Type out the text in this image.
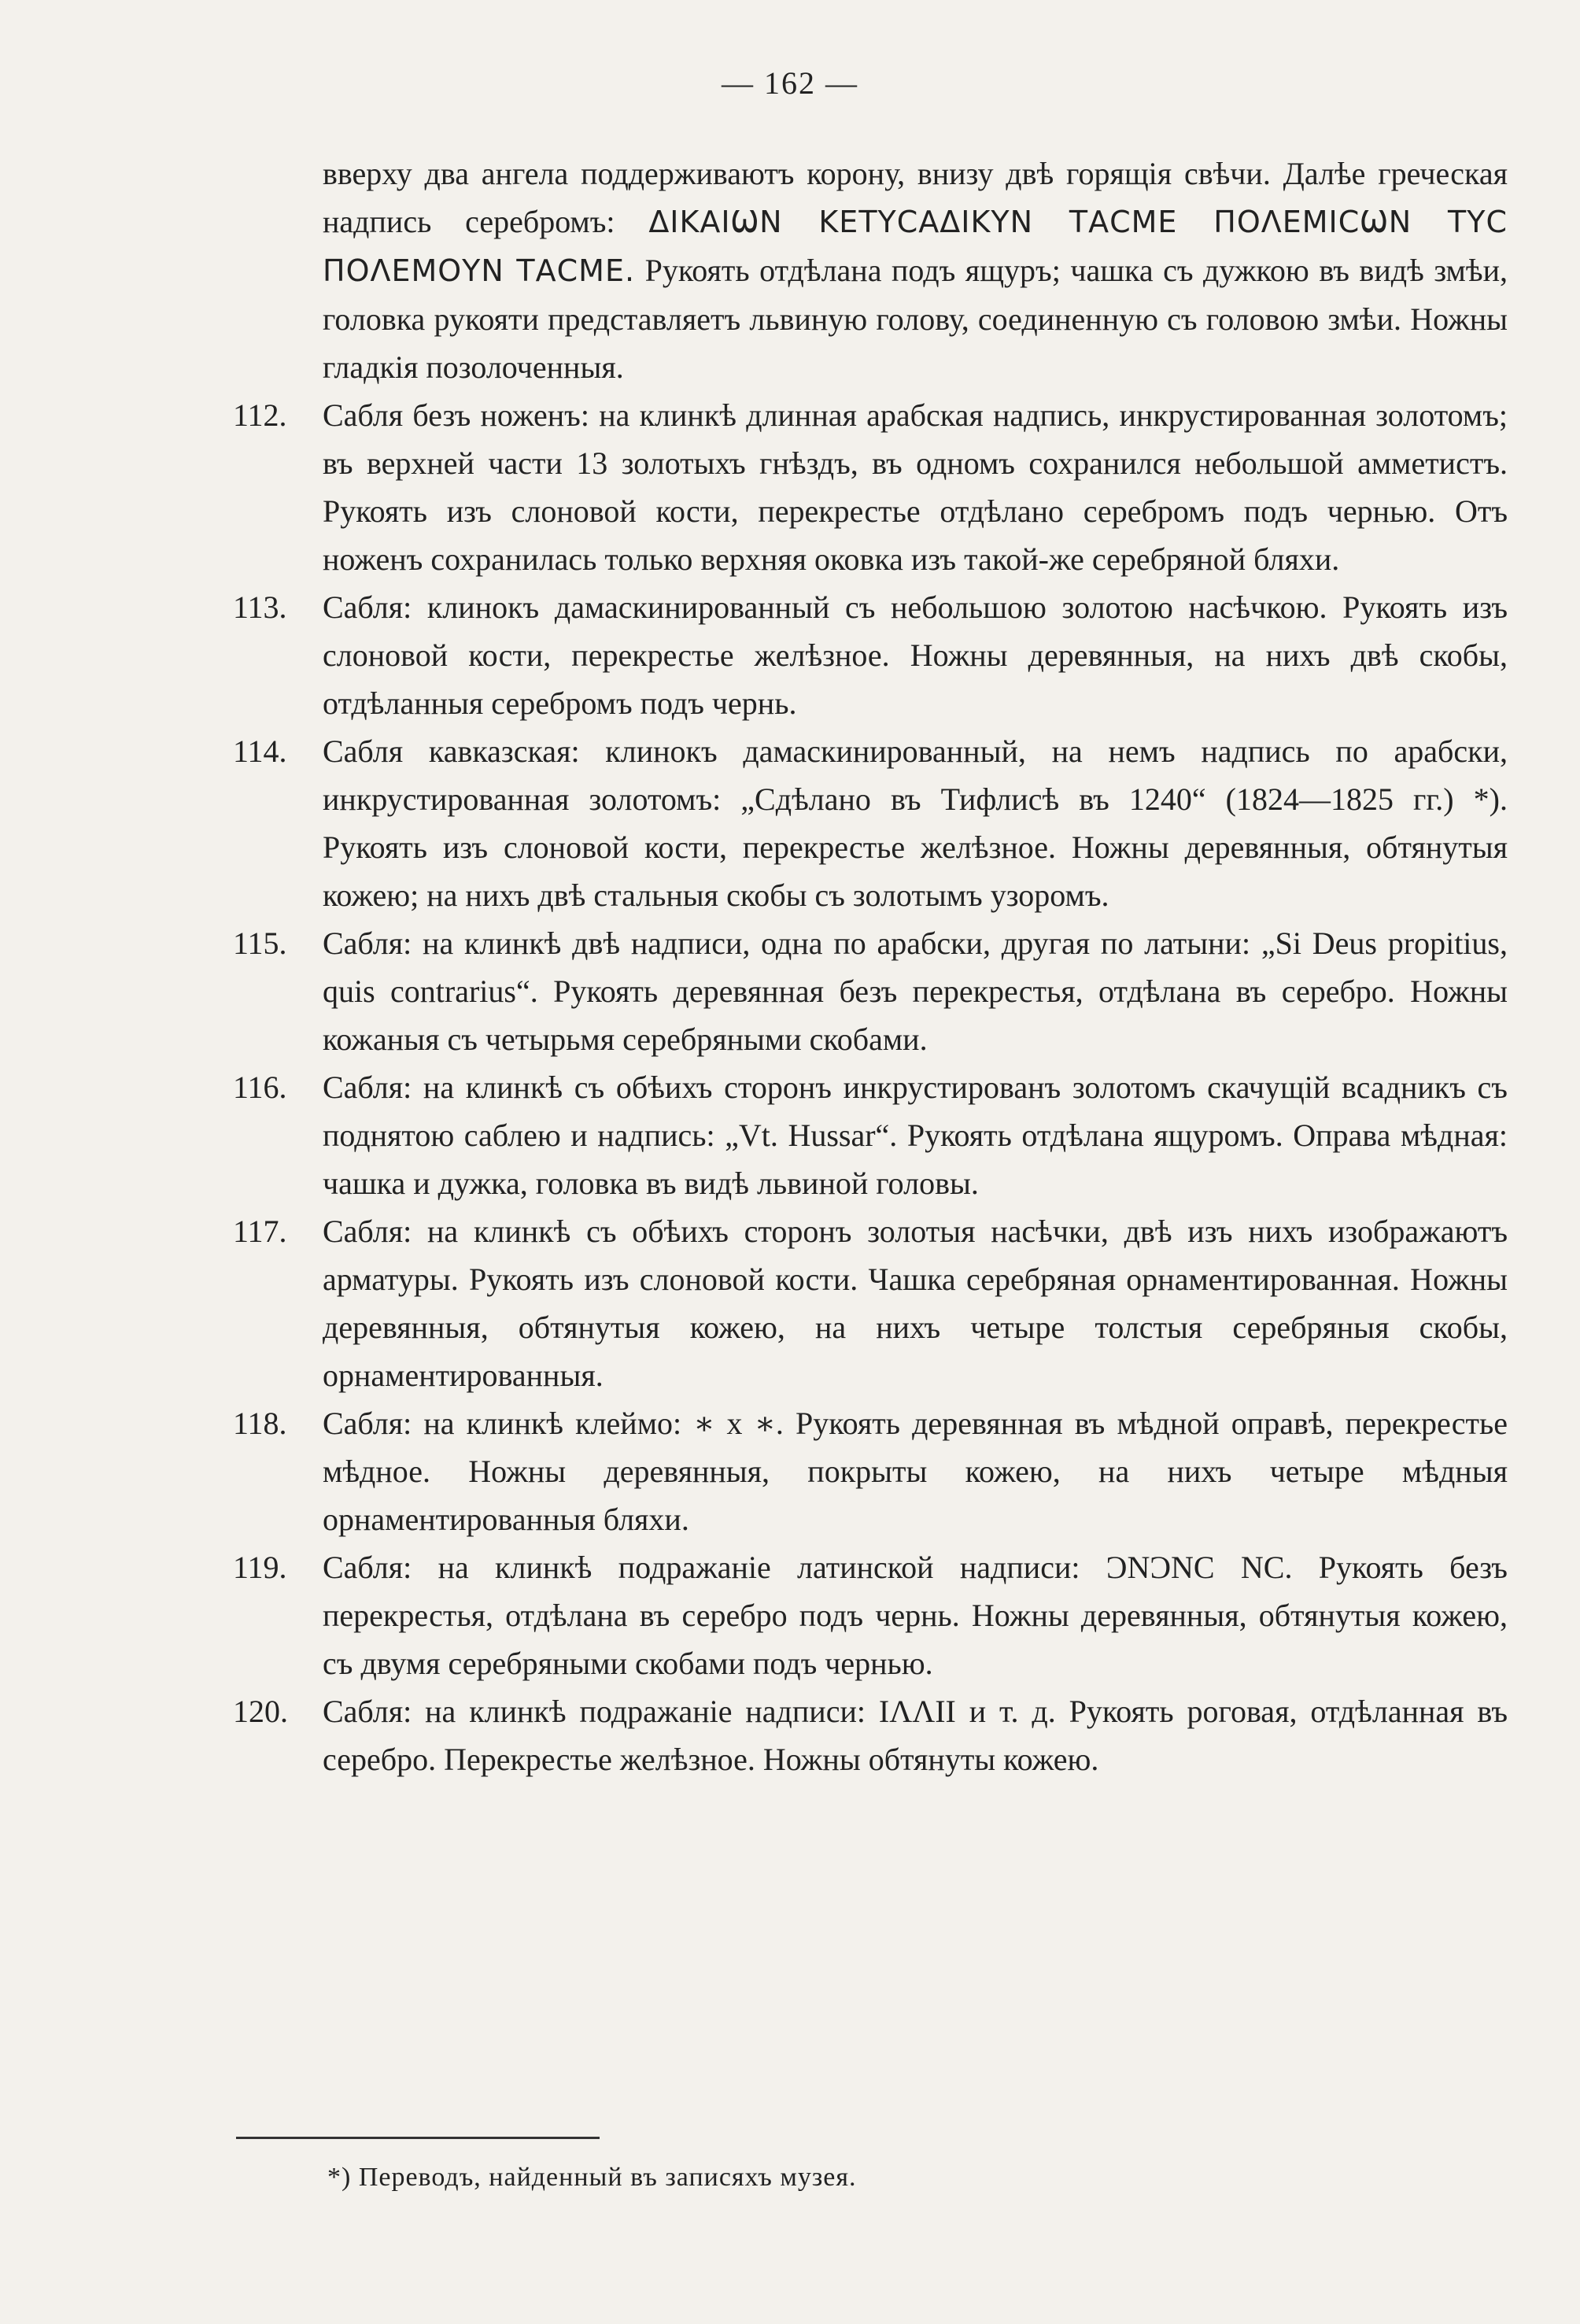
— 162 —

вверху два ангела поддерживаютъ корону, внизу двѣ горящія свѣчи. Далѣе греческая надпись серебромъ: ΔΙΚΑΙѠΝ ΚΕΤΥCΑΔΙΚΥΝ ΤΑСΜΕ ΠΟΛΕΜΙCѠΝ ΤΥC ΠΟΛΕΜΟΥΝ ΤΑСΜΕ. Рукоять отдѣлана подъ ящуръ; чашка съ дужкою въ видѣ змѣи, головка рукояти представляетъ львиную голову, соединенную съ головою змѣи. Ножны гладкія позолоченныя.

112.	Сабля безъ ноженъ: на клинкѣ длинная арабская надпись, инкрустированная золотомъ; въ верхней части 13 золотыхъ гнѣздъ, въ одномъ сохранился небольшой амметистъ. Рукоять изъ слоновой кости, перекрестье отдѣлано серебромъ подъ чернью. Отъ ноженъ сохранилась только верхняя оковка изъ такой-же серебряной бляхи.
113.	Сабля: клинокъ дамаскинированный съ небольшою золотою насѣчкою. Рукоять изъ слоновой кости, перекрестье желѣзное. Ножны деревянныя, на нихъ двѣ скобы, отдѣланныя серебромъ подъ чернь.
114.	Сабля кавказская: клинокъ дамаскинированный, на немъ надпись по арабски, инкрустированная золотомъ: „Сдѣлано въ Тифлисѣ въ 1240“ (1824—1825 гг.) *). Рукоять изъ слоновой кости, перекрестье желѣзное. Ножны деревянныя, обтянутыя кожею; на нихъ двѣ стальныя скобы съ золотымъ узоромъ.
115.	Сабля: на клинкѣ двѣ надписи, одна по арабски, другая по латыни: „Si Deus propitius, quis contrarius“. Рукоять деревянная безъ перекрестья, отдѣлана въ серебро. Ножны кожаныя съ четырьмя серебряными скобами.
116.	Сабля: на клинкѣ съ обѣихъ сторонъ инкрустированъ золотомъ скачущій всадникъ съ поднятою саблею и надпись: „Vt. Hussar“. Рукоять отдѣлана ящуромъ. Оправа мѣдная: чашка и дужка, головка въ видѣ львиной головы.
117.	Сабля: на клинкѣ съ обѣихъ сторонъ золотыя насѣчки, двѣ изъ нихъ изображаютъ арматуры. Рукоять изъ слоновой кости. Чашка серебряная орнаментированная. Ножны деревянныя, обтянутыя кожею, на нихъ четыре толстыя серебряныя скобы, орнаментированныя.
118.	Сабля: на клинкѣ клеймо: ∗ x ∗. Рукоять деревянная въ мѣдной оправѣ, перекрестье мѣдное. Ножны деревянныя, покрыты кожею, на нихъ четыре мѣдныя орнаментированныя бляхи.
119.	Сабля: на клинкѣ подражаніе латинской надписи: ƆNƆNC NC. Рукоять безъ перекрестья, отдѣлана въ серебро подъ чернь. Ножны деревянныя, обтянутыя кожею, съ двумя серебряными скобами подъ чернью.
120.	Сабля: на клинкѣ подражаніе надписи: IΛΛII и т. д. Рукоять роговая, отдѣланная въ серебро. Перекрестье желѣзное. Ножны обтянуты кожею.
*) Переводъ, найденный въ записяхъ музея.
